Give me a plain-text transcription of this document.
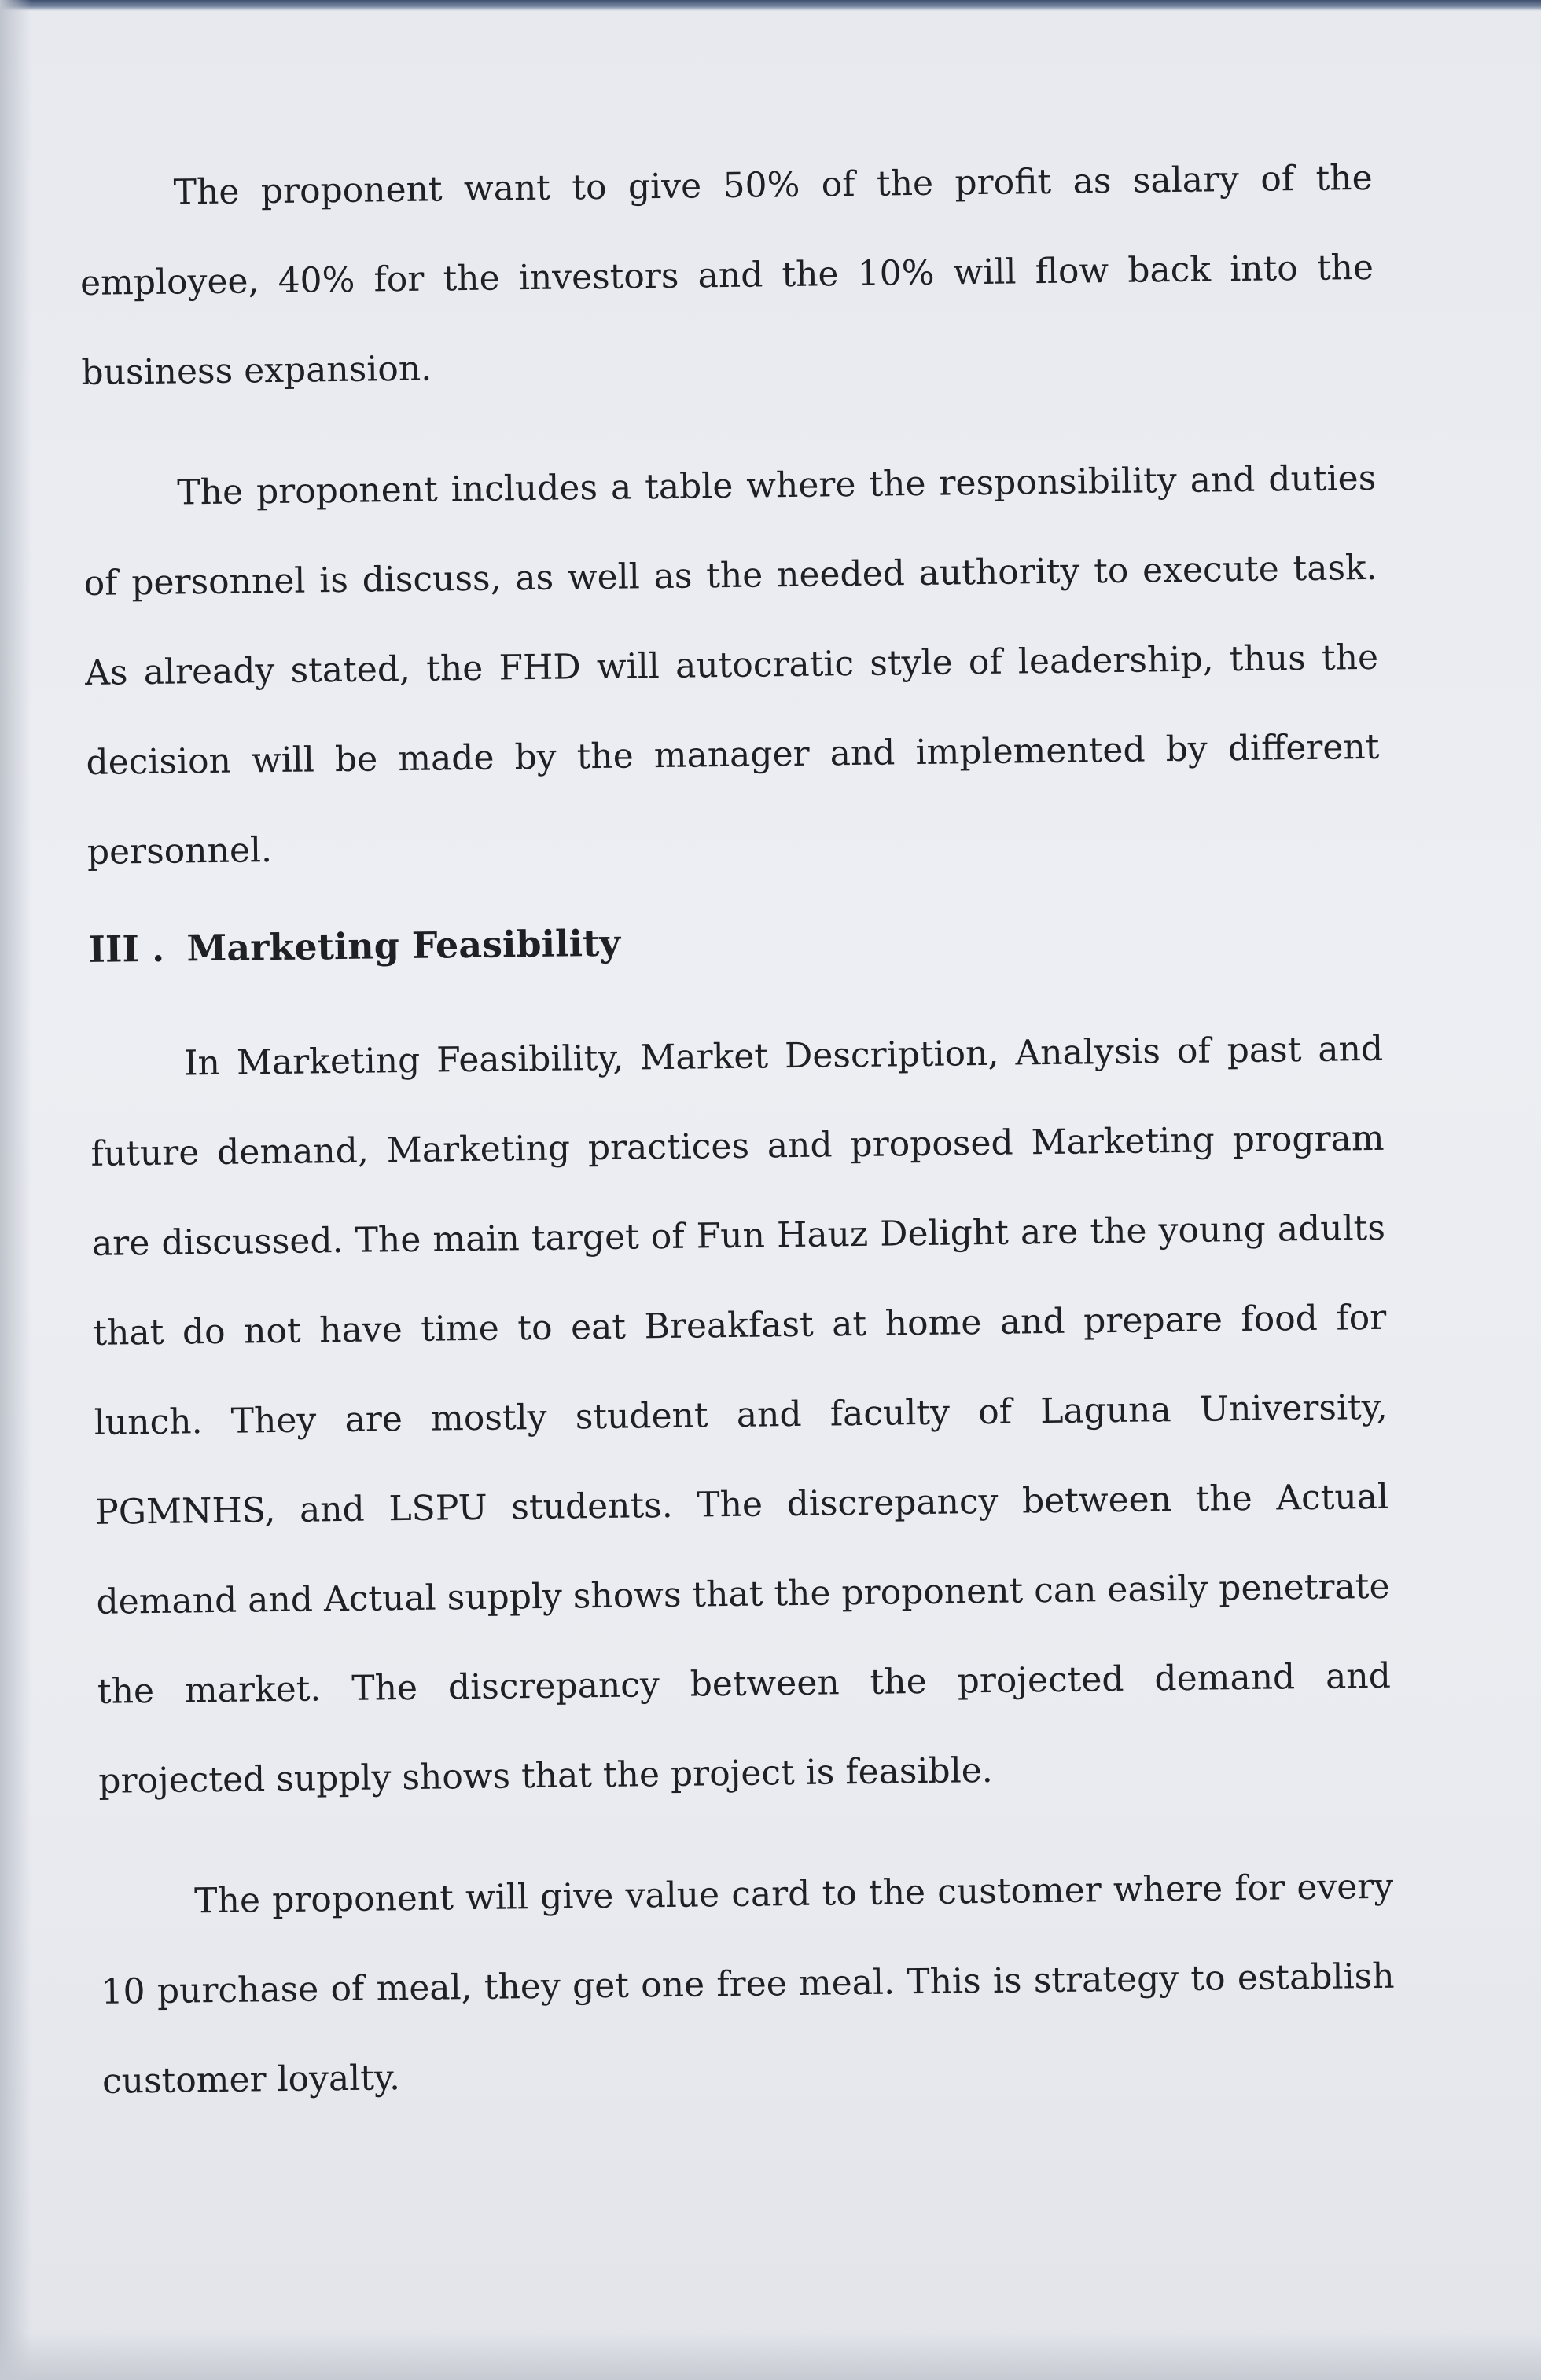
The proponent want to give 50% of the profit as salary of the employee, 40% for the investors and the 10% will flow back into the business expansion.

The proponent includes a table where the responsibility and duties of personnel is discuss, as well as the needed authority to execute task. As already stated, the FHD will autocratic style of leadership, thus the decision will be made by the manager and implemented by different personnel.

III . Marketing Feasibility

In Marketing Feasibility, Market Description, Analysis of past and future demand, Marketing practices and proposed Marketing program are discussed. The main target of Fun Hauz Delight are the young adults that do not have time to eat Breakfast at home and prepare food for lunch. They are mostly student and faculty of Laguna University, PGMNHS, and LSPU students. The discrepancy between the Actual demand and Actual supply shows that the proponent can easily penetrate the market. The discrepancy between the projected demand and projected supply shows that the project is feasible.

The proponent will give value card to the customer where for every 10 purchase of meal, they get one free meal. This is strategy to establish customer loyalty.
